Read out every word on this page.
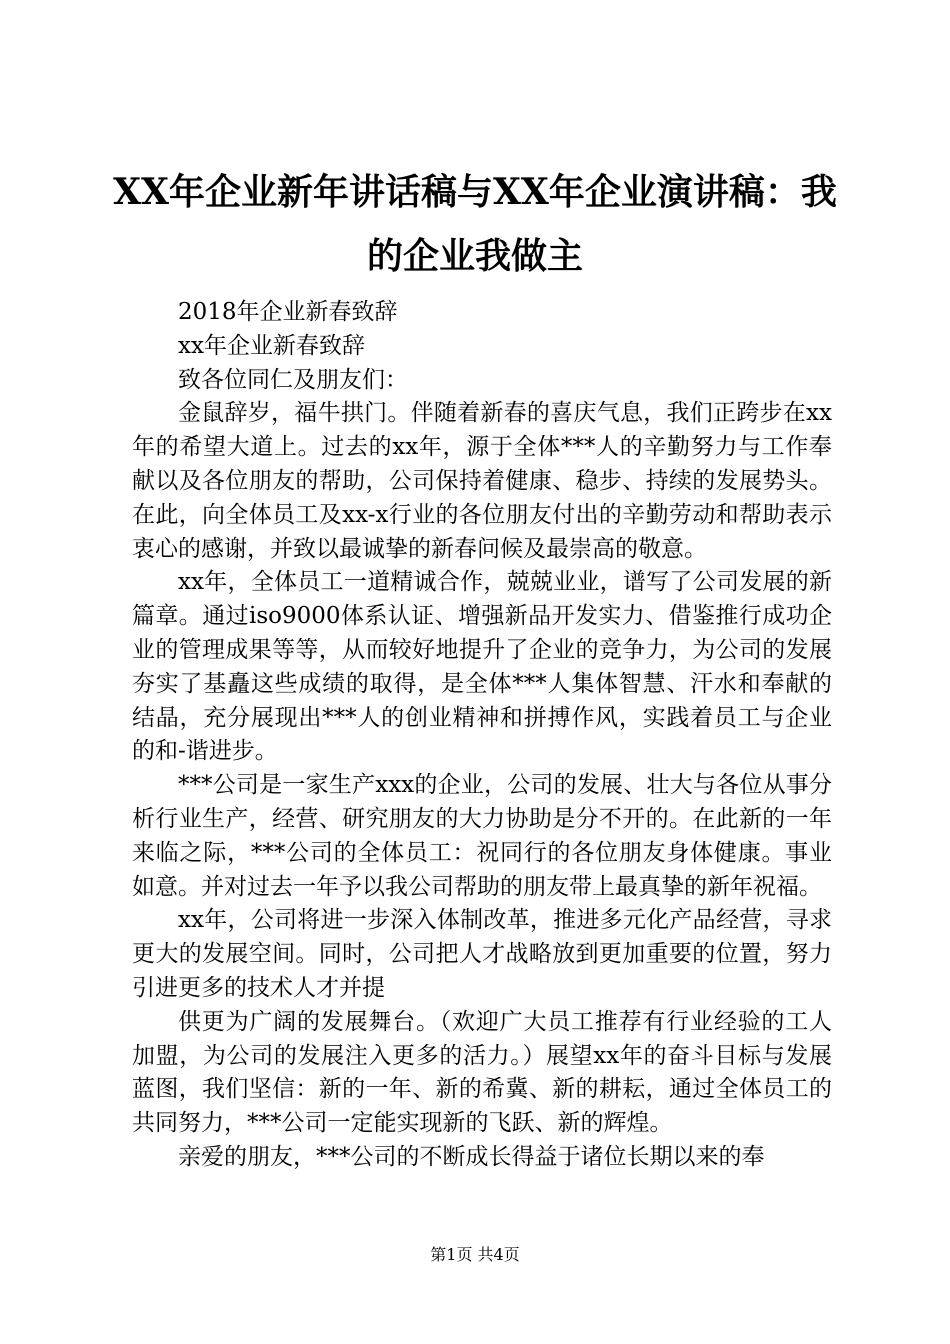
XX年企业新年讲话稿与XX年企业演讲稿：我的企业我做主

2018年企业新春致辞

xx年企业新春致辞

致各位同仁及朋友们：

金鼠辞岁，福牛拱门。伴随着新春的喜庆气息，我们正跨步在xx年的希望大道上。过去的xx年，源于全体***人的辛勤努力与工作奉献以及各位朋友的帮助，公司保持着健康、稳步、持续的发展势头。在此，向全体员工及xx-x行业的各位朋友付出的辛勤劳动和帮助表示衷心的感谢，并致以最诚挚的新春问候及最崇高的敬意。

xx年，全体员工一道精诚合作，兢兢业业，谱写了公司发展的新篇章。通过iso9000体系认证、增强新品开发实力、借鉴推行成功企业的管理成果等等，从而较好地提升了企业的竞争力，为公司的发展夯实了基矗这些成绩的取得，是全体***人集体智慧、汗水和奉献的结晶，充分展现出***人的创业精神和拼搏作风，实践着员工与企业的和-谐进步。

***公司是一家生产xxx的企业，公司的发展、壮大与各位从事分析行业生产，经营、研究朋友的大力协助是分不开的。在此新的一年来临之际，***公司的全体员工：祝同行的各位朋友身体健康。事业如意。并对过去一年予以我公司帮助的朋友带上最真挚的新年祝福。

xx年，公司将进一步深入体制改革，推进多元化产品经营，寻求更大的发展空间。同时，公司把人才战略放到更加重要的位置，努力引进更多的技术人才并提

供更为广阔的发展舞台。（欢迎广大员工推荐有行业经验的工人加盟，为公司的发展注入更多的活力。）展望xx年的奋斗目标与发展蓝图，我们坚信：新的一年、新的希冀、新的耕耘，通过全体员工的共同努力，***公司一定能实现新的飞跃、新的辉煌。

亲爱的朋友，***公司的不断成长得益于诸位长期以来的奉

第1页 共4页
